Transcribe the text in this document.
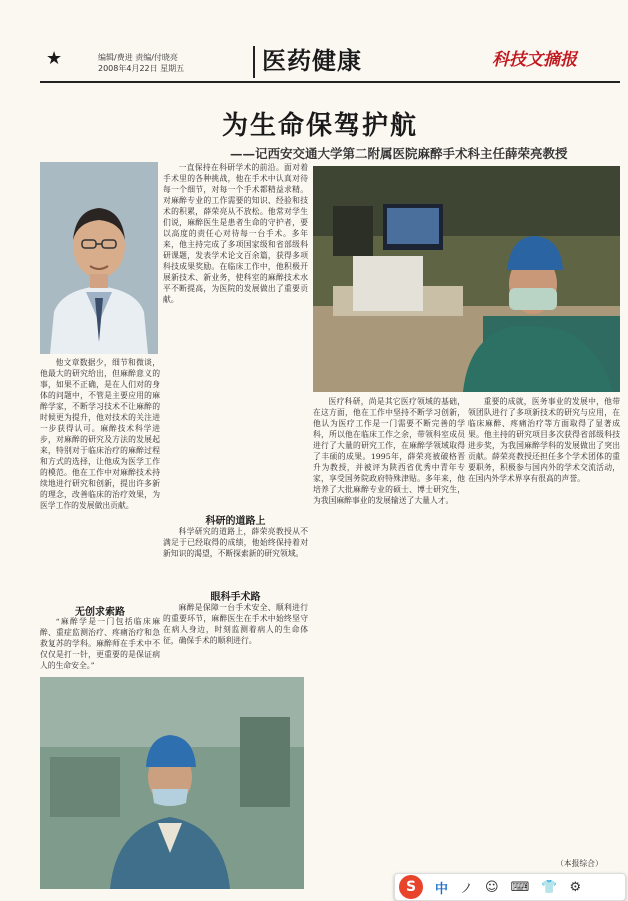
★	编辑/费进 责编/付晓亮
2008年4月22日 星期五	医药健康	科技文摘报
为生命保驾护航
——记西安交通大学第二附属医院麻醉手术科主任薛荣亮教授

他文章数据少，细节和微谈，他最大的研究给出，但麻醉意义的事，如果不正确，是在人们对的身体的问题中，不管是主要应用的麻醉学家，不断学习技术不让麻醉的时候更为提升，他对技术的关注进一步获得认可。麻醉技术科学进步，对麻醉的研究及方法的发展起来，特别对于临床治疗的麻醉过程和方式的选择，让他成为医学工作的模范。他在工作中对麻醉技术持续地进行研究和创新，提出许多新的理念，改善临床的治疗效果，为医学工作的发展做出贡献。

无创求索路

“麻醉学是一门包括临床麻醉、重症监测治疗、疼痛治疗和急救复苏的学科。麻醉师在手术中不仅仅是打一针，更重要的是保证病人的生命安全。”

一直保持在科研学术的前沿。面对着手术里的各种挑战，他在手术中认真对待每一个细节，对每一个手术都精益求精。对麻醉专业的工作需要的知识、经验和技术的积累，薛荣亮从不放松。他常对学生们说，麻醉医生是患者生命的守护者，要以高度的责任心对待每一台手术。多年来，他主持完成了多项国家级和省部级科研课题，发表学术论文百余篇，获得多项科技成果奖励。在临床工作中，他积极开展新技术、新业务，使科室的麻醉技术水平不断提高，为医院的发展做出了重要贡献。

科研的道路上

科学研究的道路上，薛荣亮教授从不满足于已经取得的成绩，他始终保持着对新知识的渴望，不断探索新的研究领域。

眼科手术路

麻醉是保障一台手术安全、顺利进行的重要环节，麻醉医生在手术中始终坚守在病人身边，时刻监测着病人的生命体征，确保手术的顺利进行。

医疗科研，尚是其它医疗领域的基础，在这方面，他在工作中坚持不断学习创新，他认为医疗工作是一门需要不断完善的学科，所以他在临床工作之余，带领科室成员进行了大量的研究工作，在麻醉学领域取得了丰硕的成果。1995年，薛荣亮被破格晋升为教授，并被评为陕西省优秀中青年专家，享受国务院政府特殊津贴。多年来，他培养了大批麻醉专业的硕士、博士研究生，为我国麻醉事业的发展输送了大量人才。

重要的成就，医务事业的发展中，他带领团队进行了多项新技术的研究与应用，在临床麻醉、疼痛治疗等方面取得了显著成果。他主持的研究项目多次获得省部级科技进步奖，为我国麻醉学科的发展做出了突出贡献。薛荣亮教授还担任多个学术团体的重要职务，积极参与国内外的学术交流活动，在国内外学术界享有很高的声誉。

（本报综合）
S	中 ノ ☺ ⌨ 👕 ⚙
